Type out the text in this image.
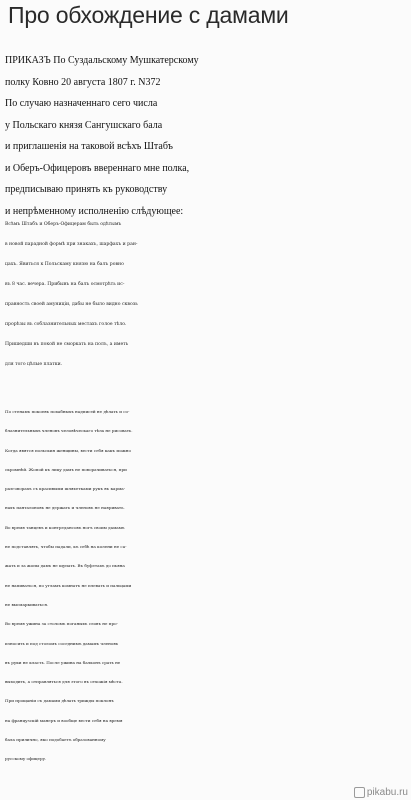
Про обхождение с дамами
ПРИКАЗЪ По Суздальскому Мушкатерскому
полку Ковно 20 августа 1807 г. N372
По случаю назначеннаго сего числа
у Польскаго князя Сангушскаго бала
и приглашенія на таковой всѣхъ Штабъ
и Оберъ-Офицеровъ ввереннаго мне полка,
предписываю принять къ руководству
и непрѣменному исполненію слѣдующее:
Всѣмъ Штабъ и Оберъ-Офицерам быть одѣтымъ
в новой парадной формѣ при знакахъ, шарфахъ и ран-
цахъ. Явиться к Польскаму князю на балъ ровно
въ 8 час. вечера. Прибывъ на балъ осмотрѣть ис-
правность своей амуниціи, дабы не было видно сквозь
прорѣзы въ соблазнительных местахъ голое тѣло.
Пришедши въ покой не сморкать на полъ, а иметь
для того цѣлые платки.
По стенамъ покоевъ похабныхъ надписей не дѣлать и со-
блазнительныхъ членовъ человѣческаго тѣла не рисовать.
Когда явятся польския женщины, вести себя какъ можно
скромнѣй. Жопой къ лицу дамъ не поворачиваться, при
разговорахъ съ красивыми шляхетками рукъ въ карма-
нахъ панталоновъ не держать и членовъ не наяривать.
Во время танцевъ и контредансовъ ногъ своим дамамъ
не подставлять, чтобы падали, къ себѣ на колени не са-
жать и за жопы дамъ не щупать. Въ буфетахъ до пьяна
не напиваться, по угламъ комнатъ не плевать и пальцами
не высмаркиваться.
Во время ужина за столомъ поганыхъ словъ не про-
износить и под столомъ соседнимъ дамамъ членовъ
въ руки не класть. После ужина на балконъ срать не
выходить, а отправляться для этого въ отхожія мѣста.
При прощаніи съ дамами дѣлать трижды поклонъ
на французскій манеръ и вообще вести себя на время
бала прилично, яко подобаетъ образованному
русскому офицеру.
pikabu.ru
